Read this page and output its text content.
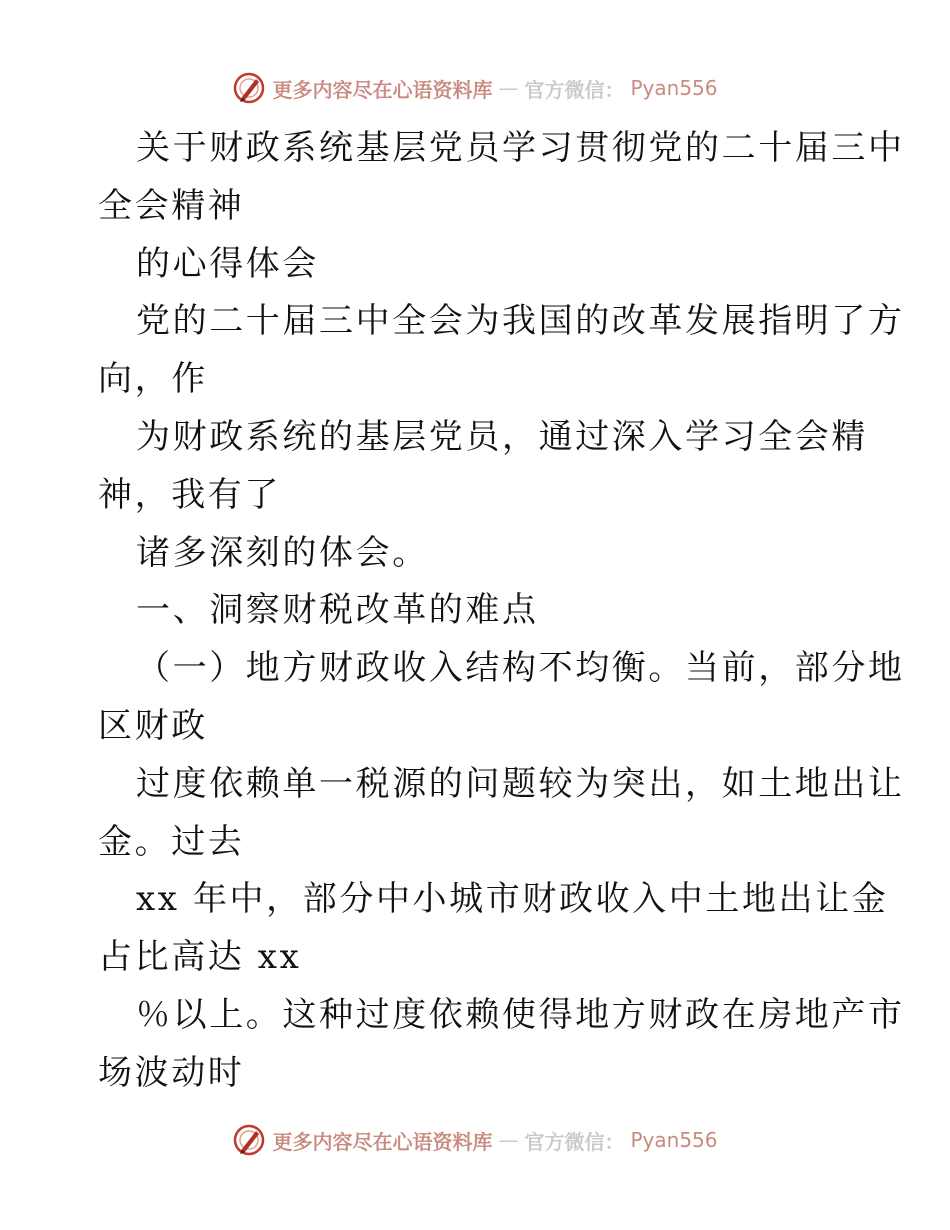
更多内容尽在心语资料库 — 官方微信： Pyan556
关于财政系统基层党员学习贯彻党的二十届三中
全会精神
的心得体会
党的二十届三中全会为我国的改革发展指明了方
向，作
为财政系统的基层党员，通过深入学习全会精
神，我有了
诸多深刻的体会。
一、洞察财税改革的难点
（一）地方财政收入结构不均衡。当前，部分地
区财政
过度依赖单一税源的问题较为突出，如土地出让
金。过去
xx 年中，部分中小城市财政收入中土地出让金
占比高达 xx
％以上。这种过度依赖使得地方财政在房地产市
场波动时
更多内容尽在心语资料库 — 官方微信： Pyan556
